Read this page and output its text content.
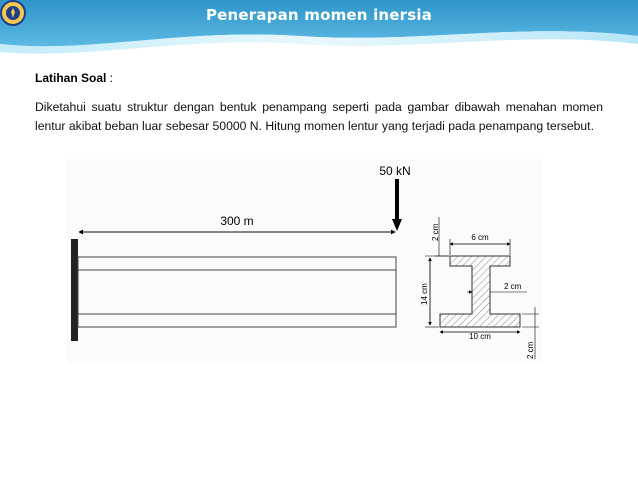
Penerapan momen inersia
Latihan Soal :
Diketahui suatu struktur dengan bentuk penampang seperti pada gambar dibawah menahan momen lentur akibat beban luar sebesar 50000 N. Hitung momen lentur yang terjadi pada penampang tersebut.
300 m
50 kN
2 cm	6 cm
14 cm	2 cm
10 cm
2 cm
